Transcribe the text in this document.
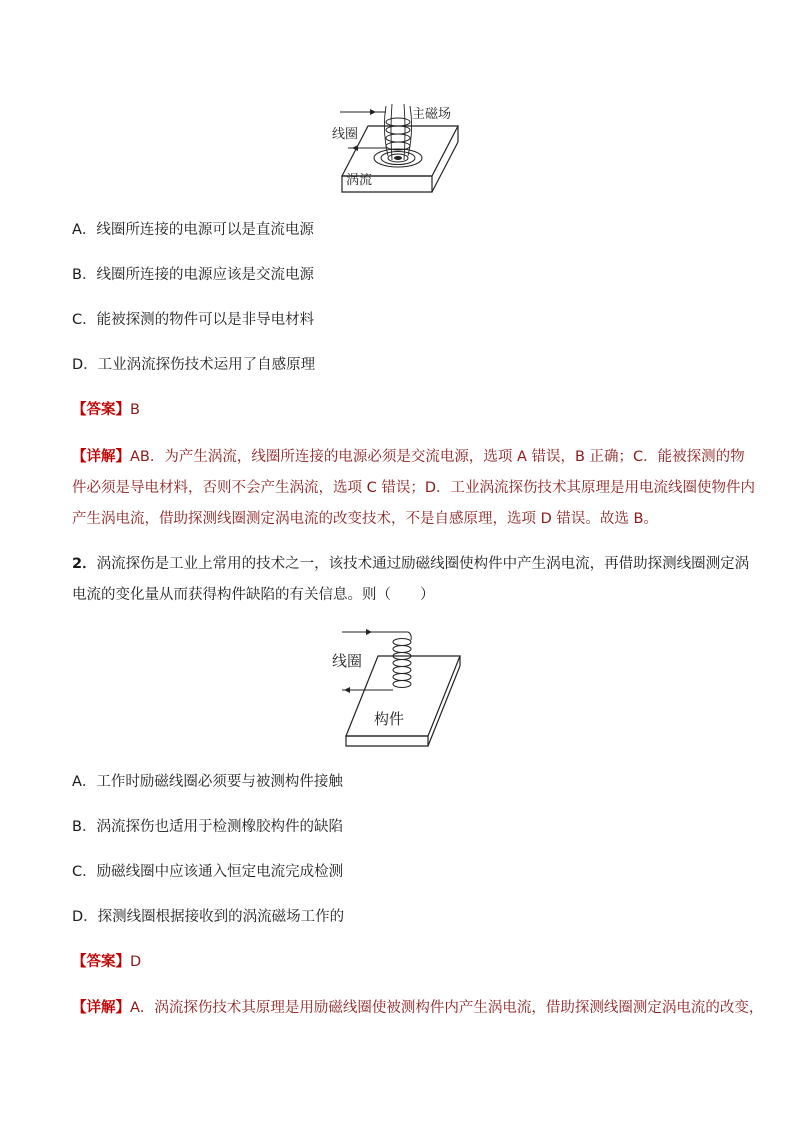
主磁场
线圈
涡流
A．线圈所连接的电源可以是直流电源
B．线圈所连接的电源应该是交流电源
C．能被探测的物件可以是非导电材料
D．工业涡流探伤技术运用了自感原理
【答案】B
【详解】AB．为产生涡流，线圈所连接的电源必须是交流电源，选项 A 错误，B 正确；C．能被探测的物
件必须是导电材料，否则不会产生涡流，选项 C 错误；D．工业涡流探伤技术其原理是用电流线圈使物件内
产生涡电流，借助探测线圈测定涡电流的改变技术，不是自感原理，选项 D 错误。故选 B。
2．涡流探伤是工业上常用的技术之一，该技术通过励磁线圈使构件中产生涡电流，再借助探测线圈测定涡
电流的变化量从而获得构件缺陷的有关信息。则（　　）
线圈
构件
A．工作时励磁线圈必须要与被测构件接触
B．涡流探伤也适用于检测橡胶构件的缺陷
C．励磁线圈中应该通入恒定电流完成检测
D．探测线圈根据接收到的涡流磁场工作的
【答案】D
【详解】A．涡流探伤技术其原理是用励磁线圈使被测构件内产生涡电流，借助探测线圈测定涡电流的改变，
